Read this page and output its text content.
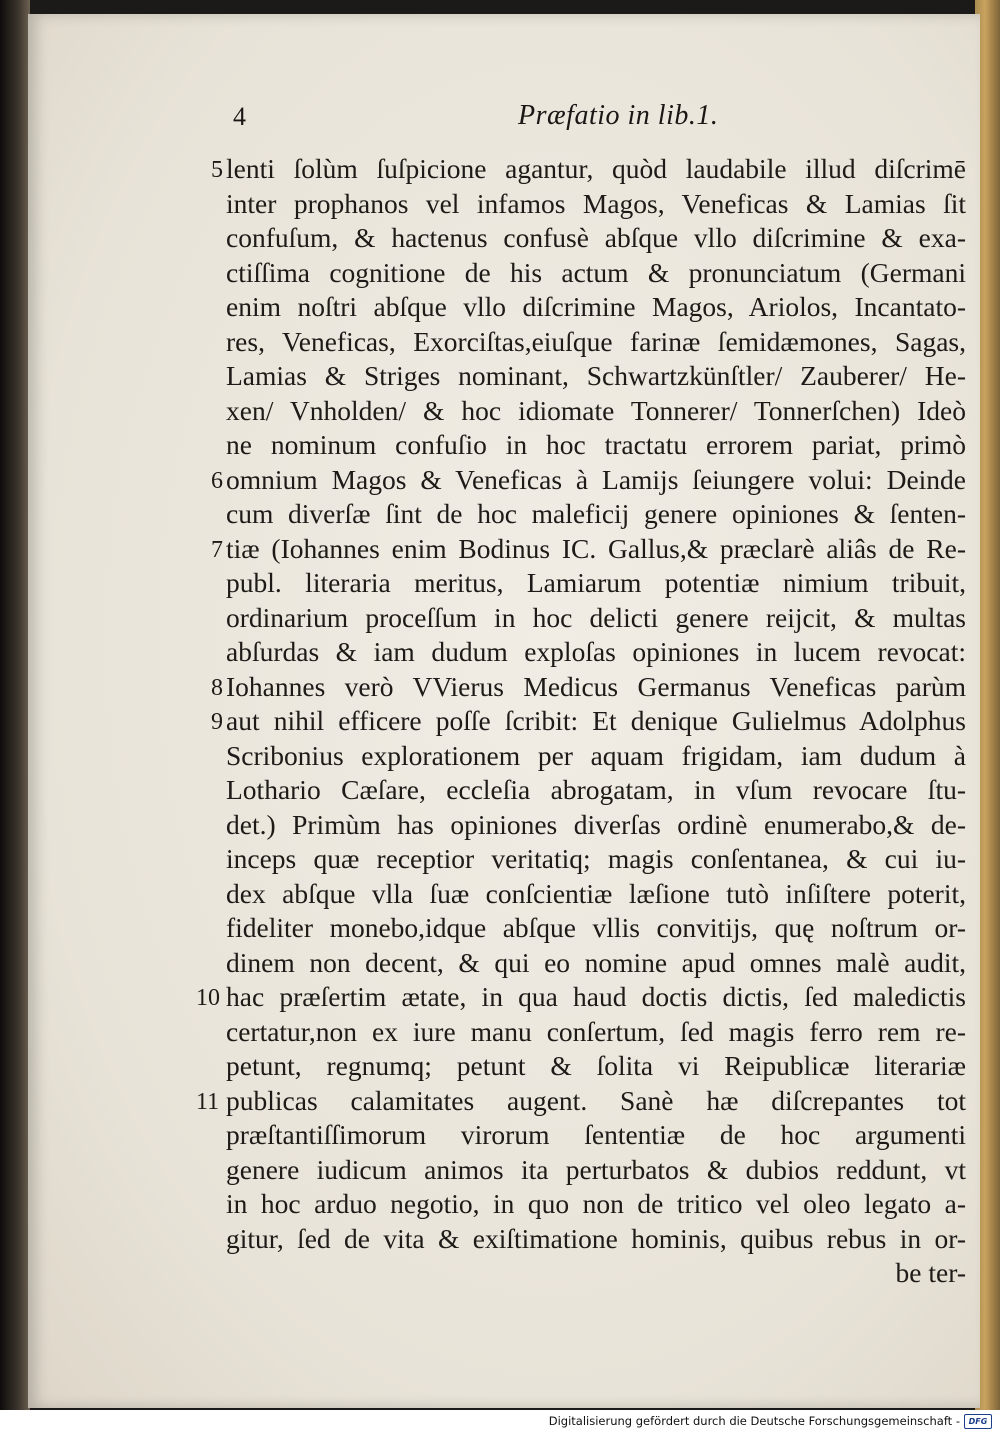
4	Præfatio in lib.1.
5 lenti ſolùm ſuſpicione agantur, quòd laudabile illud diſcrimē
inter prophanos vel infamos Magos, Veneficas & Lamias ſit
confuſum, & hactenus confusè abſque vllo diſcrimine & exa-
ctiſſima cognitione de his actum & pronunciatum (Germani
enim noſtri abſque vllo diſcrimine Magos, Ariolos, Incantato-
res, Veneficas, Exorciſtas,eiuſque farinæ ſemidæmones, Sagas,
Lamias & Striges nominant, Schwartzkünſtler/ Zauberer/ He-
xen/ Vnholden/ & hoc idiomate Tonnerer/ Tonnerſchen) Ideò
ne nominum confuſio in hoc tractatu errorem pariat, primò
6 omnium Magos & Veneficas à Lamijs ſeiungere volui: Deinde
cum diverſæ ſint de hoc maleficij genere opiniones & ſenten-
7 tiæ (Iohannes enim Bodinus IC. Gallus,& præclarè aliâs de Re-
publ. literaria meritus, Lamiarum potentiæ nimium tribuit,
ordinarium proceſſum in hoc delicti genere reijcit, & multas
abſurdas & iam dudum exploſas opiniones in lucem revocat:
8 Iohannes verò VVierus Medicus Germanus Veneficas parùm
9 aut nihil efficere poſſe ſcribit: Et denique Gulielmus Adolphus
Scribonius explorationem per aquam frigidam, iam dudum à
Lothario Cæſare, eccleſia abrogatam, in vſum revocare ſtu-
det.) Primùm has opiniones diverſas ordinè enumerabo,& de-
inceps quæ receptior veritatiq; magis conſentanea, & cui iu-
dex abſque vlla ſuæ conſcientiæ læſione tutò inſiſtere poterit,
fideliter monebo,idque abſque vllis convitijs, quę noſtrum or-
dinem non decent, & qui eo nomine apud omnes malè audit,
10 hac præſertim ætate, in qua haud doctis dictis, ſed maledictis
certatur,non ex iure manu conſertum, ſed magis ferro rem re-
petunt, regnumq; petunt & ſolita vi Reipublicæ literariæ
11 publicas calamitates augent. Sanè hæ diſcrepantes tot
præſtantiſſimorum virorum ſententiæ de hoc argumenti
genere iudicum animos ita perturbatos & dubios reddunt, vt
in hoc arduo negotio, in quo non de tritico vel oleo legato a-
gitur, ſed de vita & exiſtimatione hominis, quibus rebus in or-
be ter-
Digitalisierung gefördert durch die Deutsche Forschungsgemeinschaft -	DFG
